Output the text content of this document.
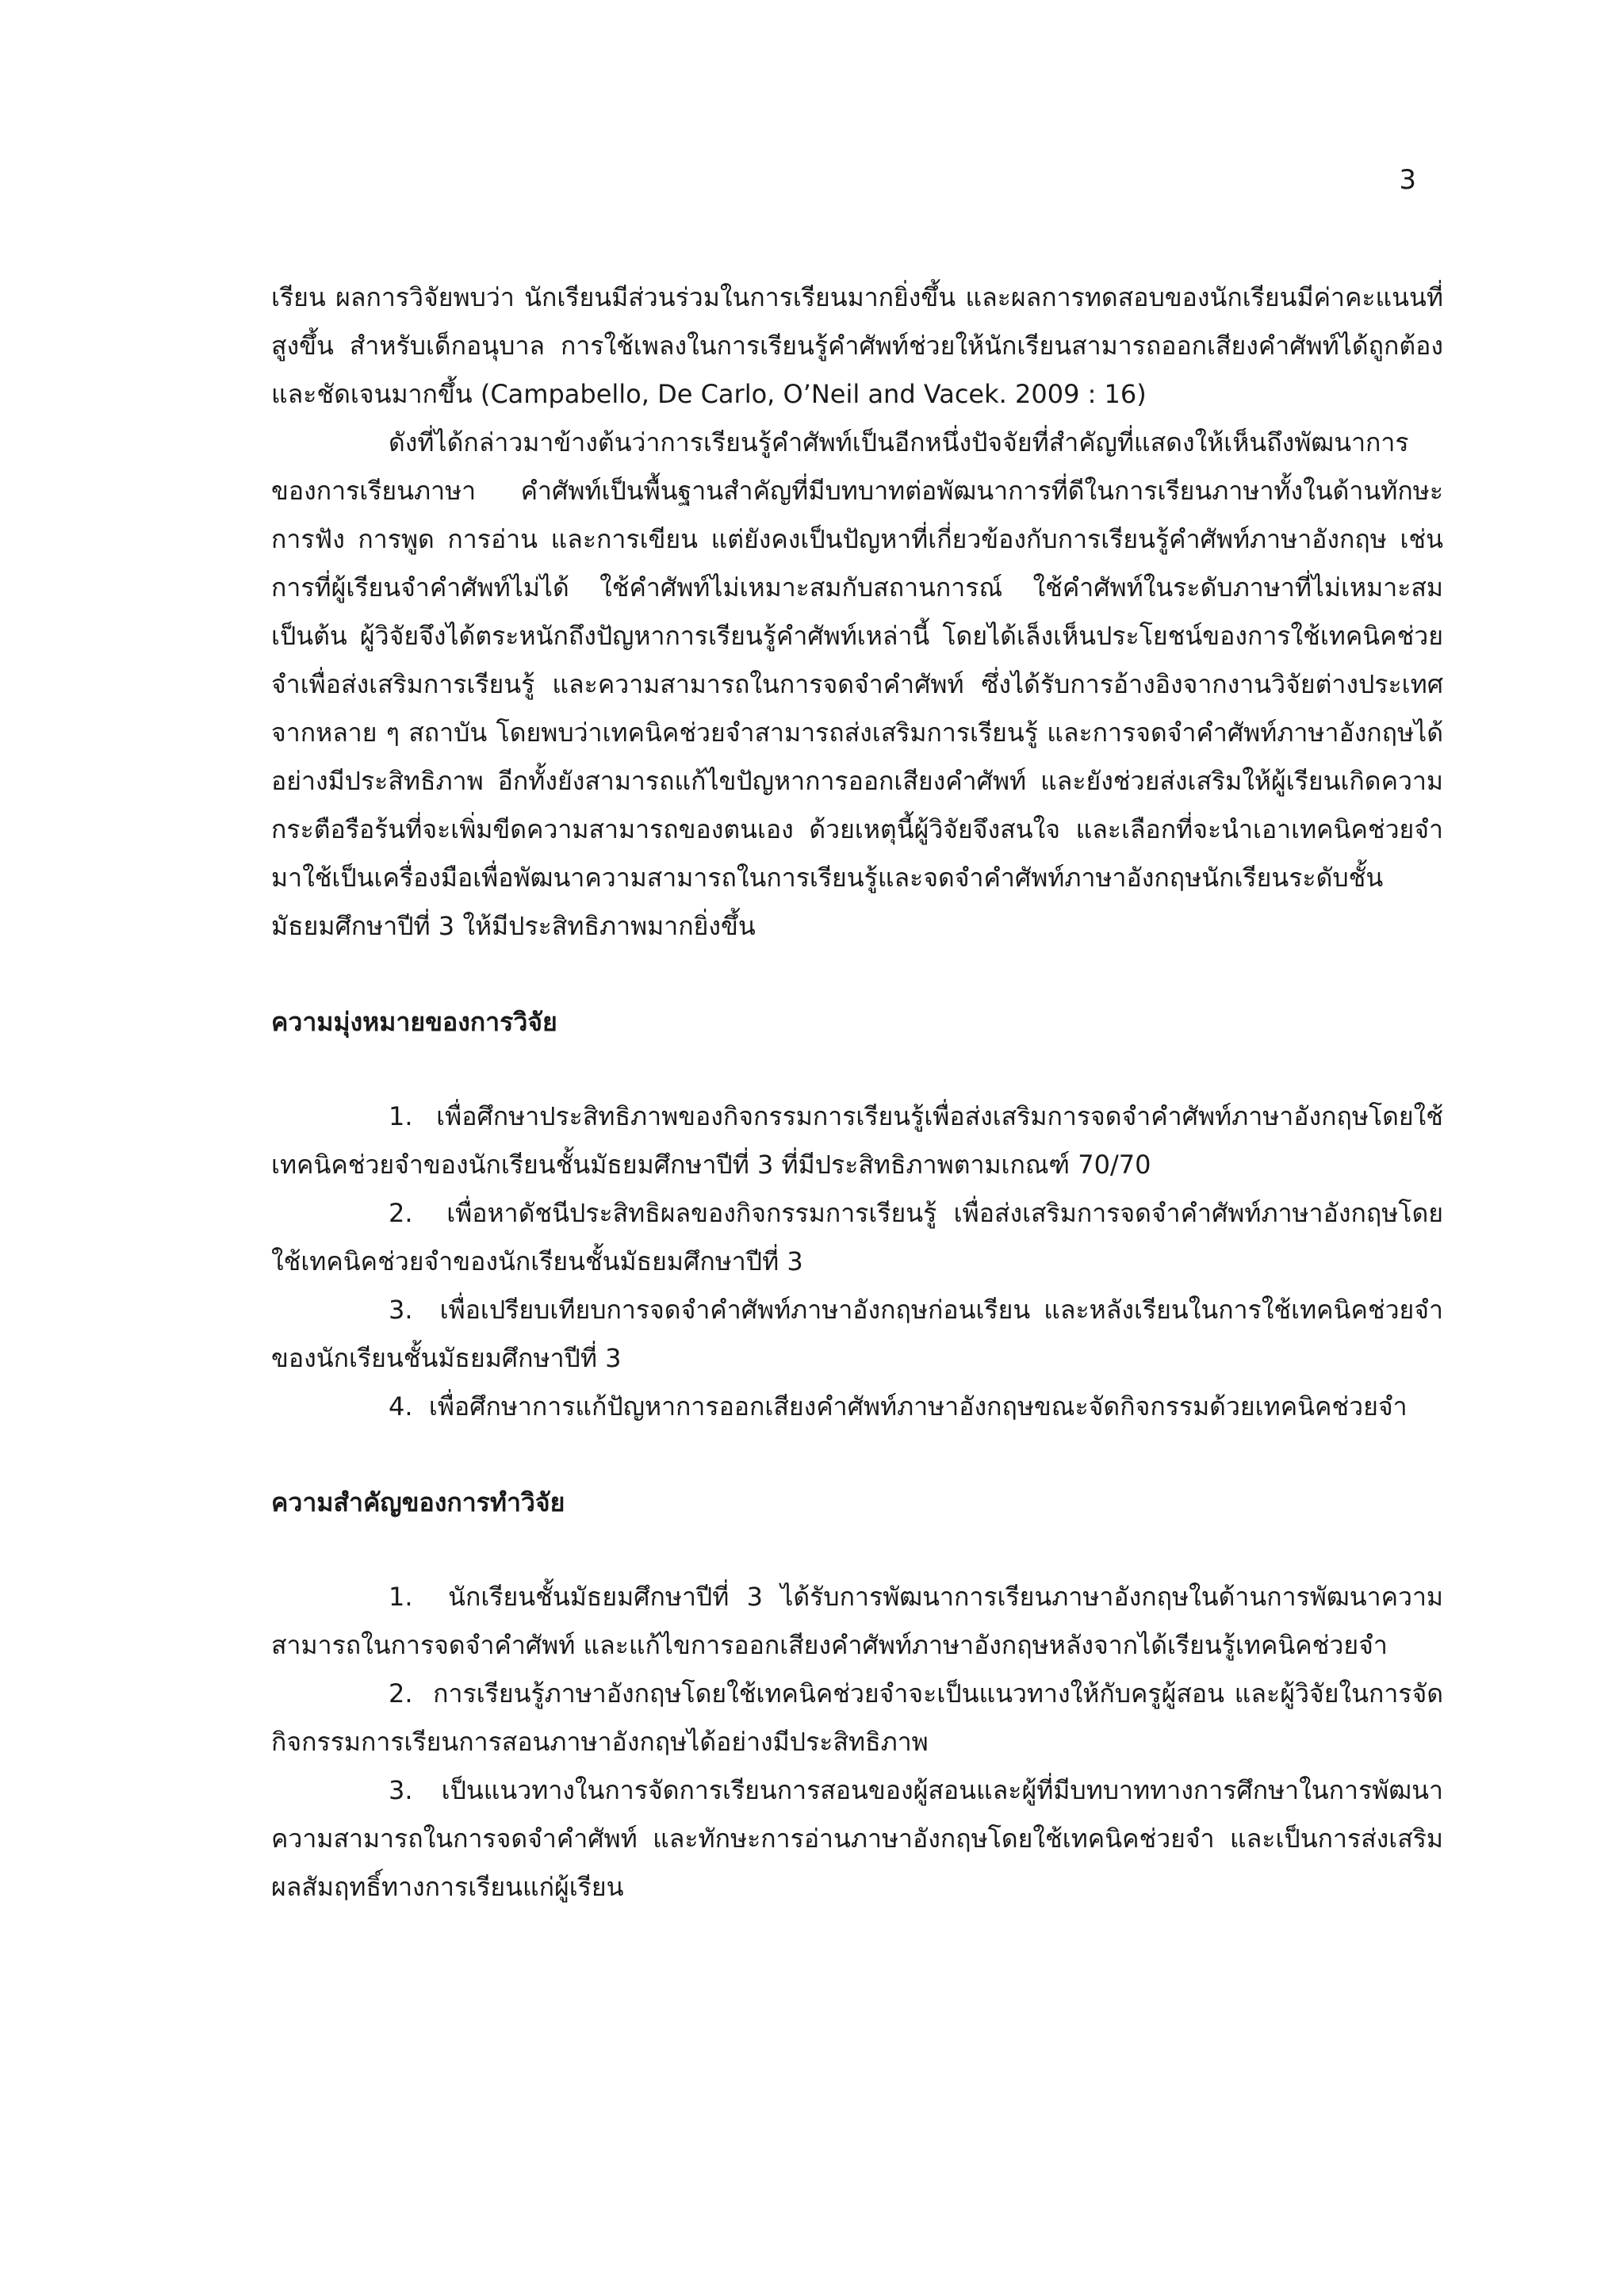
3

เรียน ผลการวิจัยพบว่า นักเรียนมีส่วนร่วมในการเรียนมากยิ่งขึ้น และผลการทดสอบของนักเรียนมีค่าคะแนนที่สูงขึ้น สำหรับเด็กอนุบาล การใช้เพลงในการเรียนรู้คำศัพท์ช่วยให้นักเรียนสามารถออกเสียงคำศัพท์ได้ถูกต้อง และชัดเจนมากขึ้น (Campabello, De Carlo, O’Neil and Vacek. 2009 : 16)

ดังที่ได้กล่าวมาข้างต้นว่าการเรียนรู้คำศัพท์เป็นอีกหนึ่งปัจจัยที่สำคัญที่แสดงให้เห็นถึงพัฒนาการของการเรียนภาษา คำศัพท์เป็นพื้นฐานสำคัญที่มีบทบาทต่อพัฒนาการที่ดีในการเรียนภาษาทั้งในด้านทักษะการฟัง การพูด การอ่าน และการเขียน แต่ยังคงเป็นปัญหาที่เกี่ยวข้องกับการเรียนรู้คำศัพท์ภาษาอังกฤษ เช่น การที่ผู้เรียนจำคำศัพท์ไม่ได้ ใช้คำศัพท์ไม่เหมาะสมกับสถานการณ์ ใช้คำศัพท์ในระดับภาษาที่ไม่เหมาะสม เป็นต้น ผู้วิจัยจึงได้ตระหนักถึงปัญหาการเรียนรู้คำศัพท์เหล่านี้ โดยได้เล็งเห็นประโยชน์ของการใช้เทคนิคช่วยจำเพื่อส่งเสริมการเรียนรู้ และความสามารถในการจดจำคำศัพท์ ซึ่งได้รับการอ้างอิงจากงานวิจัยต่างประเทศจากหลาย ๆ สถาบัน โดยพบว่าเทคนิคช่วยจำสามารถส่งเสริมการเรียนรู้ และการจดจำคำศัพท์ภาษาอังกฤษได้อย่างมีประสิทธิภาพ อีกทั้งยังสามารถแก้ไขปัญหาการออกเสียงคำศัพท์ และยังช่วยส่งเสริมให้ผู้เรียนเกิดความกระตือรือร้นที่จะเพิ่มขีดความสามารถของตนเอง ด้วยเหตุนี้ผู้วิจัยจึงสนใจ และเลือกที่จะนำเอาเทคนิคช่วยจำมาใช้เป็นเครื่องมือเพื่อพัฒนาความสามารถในการเรียนรู้และจดจำคำศัพท์ภาษาอังกฤษนักเรียนระดับชั้นมัธยมศึกษาปีที่ 3 ให้มีประสิทธิภาพมากยิ่งขึ้น

ความมุ่งหมายของการวิจัย

1. เพื่อศึกษาประสิทธิภาพของกิจกรรมการเรียนรู้เพื่อส่งเสริมการจดจำคำศัพท์ภาษาอังกฤษโดยใช้เทคนิคช่วยจำของนักเรียนชั้นมัธยมศึกษาปีที่ 3 ที่มีประสิทธิภาพตามเกณฑ์ 70/70

2. เพื่อหาดัชนีประสิทธิผลของกิจกรรมการเรียนรู้ เพื่อส่งเสริมการจดจำคำศัพท์ภาษาอังกฤษโดยใช้เทคนิคช่วยจำของนักเรียนชั้นมัธยมศึกษาปีที่ 3

3. เพื่อเปรียบเทียบการจดจำคำศัพท์ภาษาอังกฤษก่อนเรียน และหลังเรียนในการใช้เทคนิคช่วยจำของนักเรียนชั้นมัธยมศึกษาปีที่ 3

4. เพื่อศึกษาการแก้ปัญหาการออกเสียงคำศัพท์ภาษาอังกฤษขณะจัดกิจกรรมด้วยเทคนิคช่วยจำ

ความสำคัญของการทำวิจัย

1. นักเรียนชั้นมัธยมศึกษาปีที่ 3 ได้รับการพัฒนาการเรียนภาษาอังกฤษในด้านการพัฒนาความสามารถในการจดจำคำศัพท์ และแก้ไขการออกเสียงคำศัพท์ภาษาอังกฤษหลังจากได้เรียนรู้เทคนิคช่วยจำ

2. การเรียนรู้ภาษาอังกฤษโดยใช้เทคนิคช่วยจำจะเป็นแนวทางให้กับครูผู้สอน และผู้วิจัยในการจัดกิจกรรมการเรียนการสอนภาษาอังกฤษได้อย่างมีประสิทธิภาพ

3. เป็นแนวทางในการจัดการเรียนการสอนของผู้สอนและผู้ที่มีบทบาททางการศึกษาในการพัฒนาความสามารถในการจดจำคำศัพท์ และทักษะการอ่านภาษาอังกฤษโดยใช้เทคนิคช่วยจำ และเป็นการส่งเสริมผลสัมฤทธิ์ทางการเรียนแก่ผู้เรียน
